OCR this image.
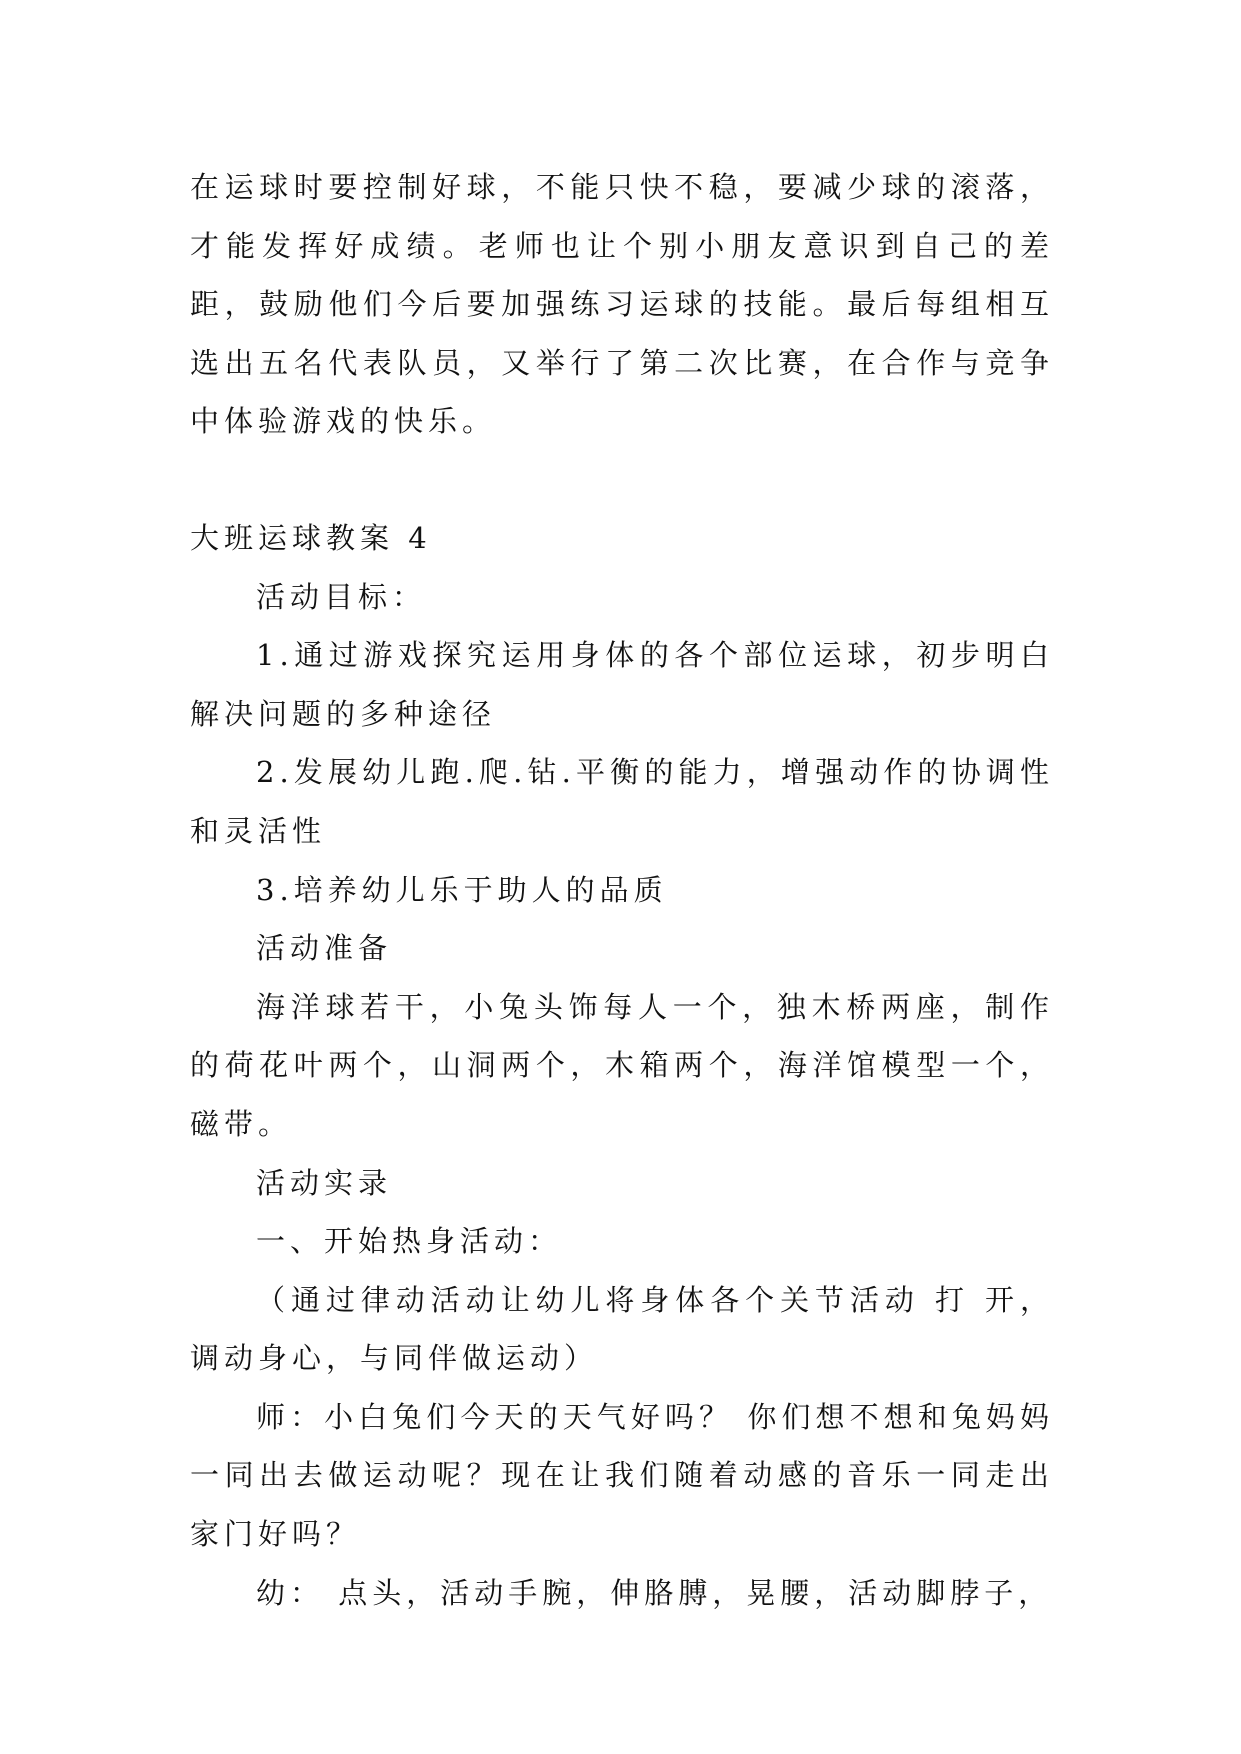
在运球时要控制好球，不能只快不稳，要减少球的滚落，才能发挥好成绩。老师也让个别小朋友意识到自己的差距，鼓励他们今后要加强练习运球的技能。最后每组相互选出五名代表队员，又举行了第二次比赛，在合作与竞争中体验游戏的快乐。

大班运球教案 4

活动目标：

1.通过游戏探究运用身体的各个部位运球，初步明白解决问题的多种途径

2.发展幼儿跑.爬.钻.平衡的能力，增强动作的协调性和灵活性

3.培养幼儿乐于助人的品质

活动准备

海洋球若干，小兔头饰每人一个，独木桥两座，制作的荷花叶两个，山洞两个，木箱两个，海洋馆模型一个，磁带。

活动实录

一、开始热身活动：

（通过律动活动让幼儿将身体各个关节活动 打 开，调动身心，与同伴做运动）

师：小白兔们今天的天气好吗？ 你们想不想和兔妈妈一同出去做运动呢？现在让我们随着动感的音乐一同走出家门好吗？

幼： 点头，活动手腕，伸胳膊，晃腰，活动脚脖子，
